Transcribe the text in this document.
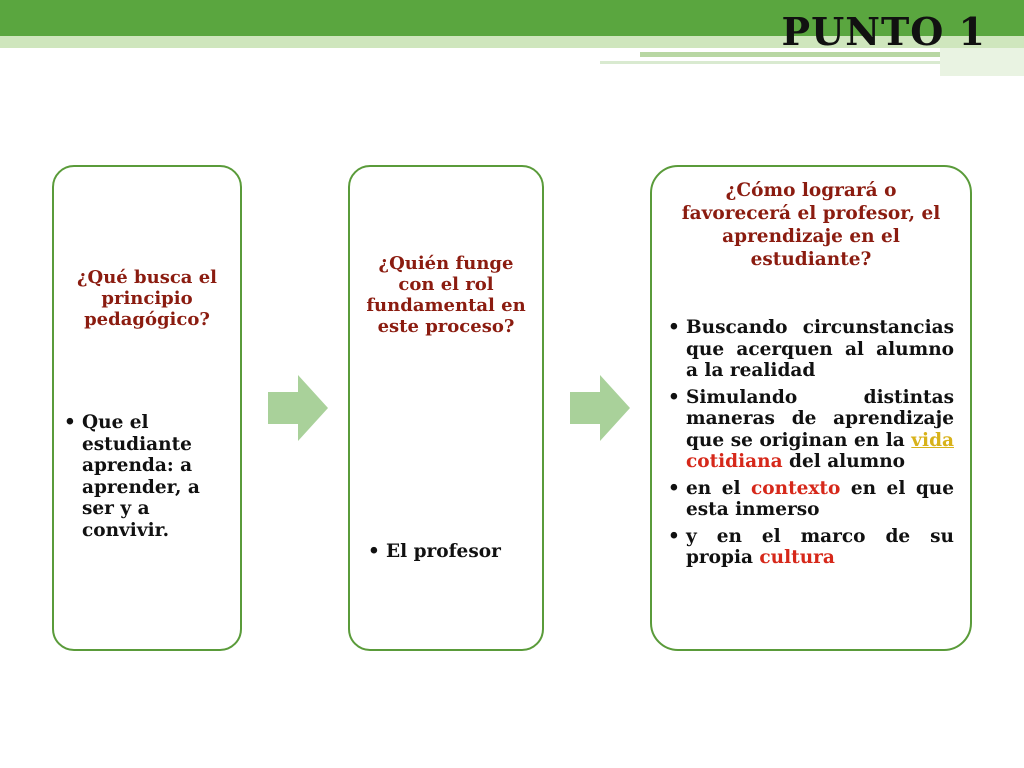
PUNTO 1
¿Qué busca el principio pedagógico?
• Que el estudiante aprenda: a aprender, a ser y a convivir.
¿Quién funge con el rol fundamental en este proceso?
• El profesor
¿Cómo logrará o favorecerá el profesor, el aprendizaje en el estudiante?
• Buscando circunstancias que acerquen al alumno a la realidad
• Simulando distintas maneras de aprendizaje que se originan en la vida cotidiana del alumno
• en el contexto en el que esta inmerso
• y en el marco de su propia cultura
